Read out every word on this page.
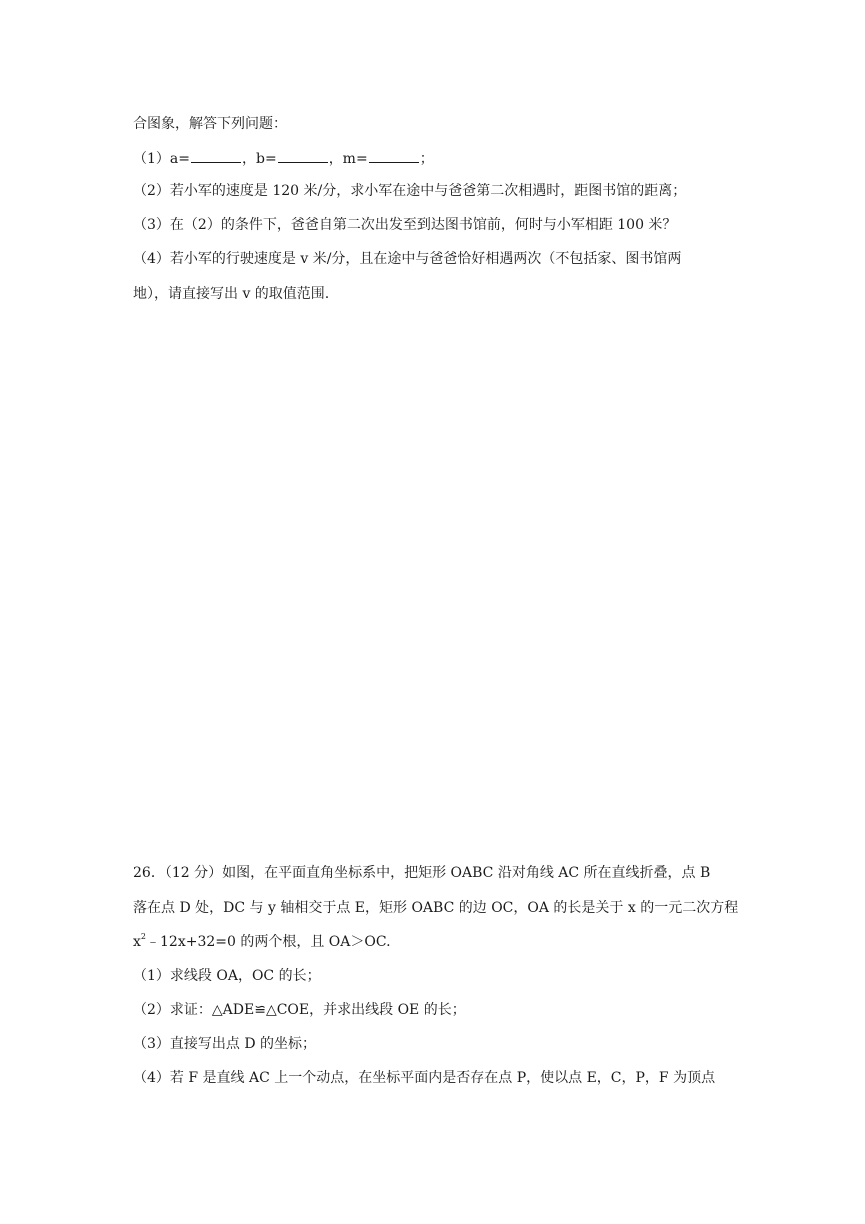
合图象，解答下列问题：
（1）a=	，b=	，m=	；
（2）若小军的速度是 120 米/分，求小军在途中与爸爸第二次相遇时，距图书馆的距离；
（3）在（2）的条件下，爸爸自第二次出发至到达图书馆前，何时与小军相距 100 米？
（4）若小军的行驶速度是 v 米/分，且在途中与爸爸恰好相遇两次（不包括家、图书馆两
地），请直接写出 v 的取值范围.
26．（12 分）如图，在平面直角坐标系中，把矩形 OABC 沿对角线 AC 所在直线折叠，点 B
落在点 D 处，DC 与 y 轴相交于点 E，矩形 OABC 的边 OC，OA 的长是关于 x 的一元二次方程
$x^2﹣12x+32=0$ 的两个根，且 OA＞OC.
（1）求线段 OA，OC 的长；
（2）求证：△ADE≌△COE，并求出线段 OE 的长；
（3）直接写出点 D 的坐标；
（4）若 F 是直线 AC 上一个动点，在坐标平面内是否存在点 P，使以点 E，C，P，F 为顶点
